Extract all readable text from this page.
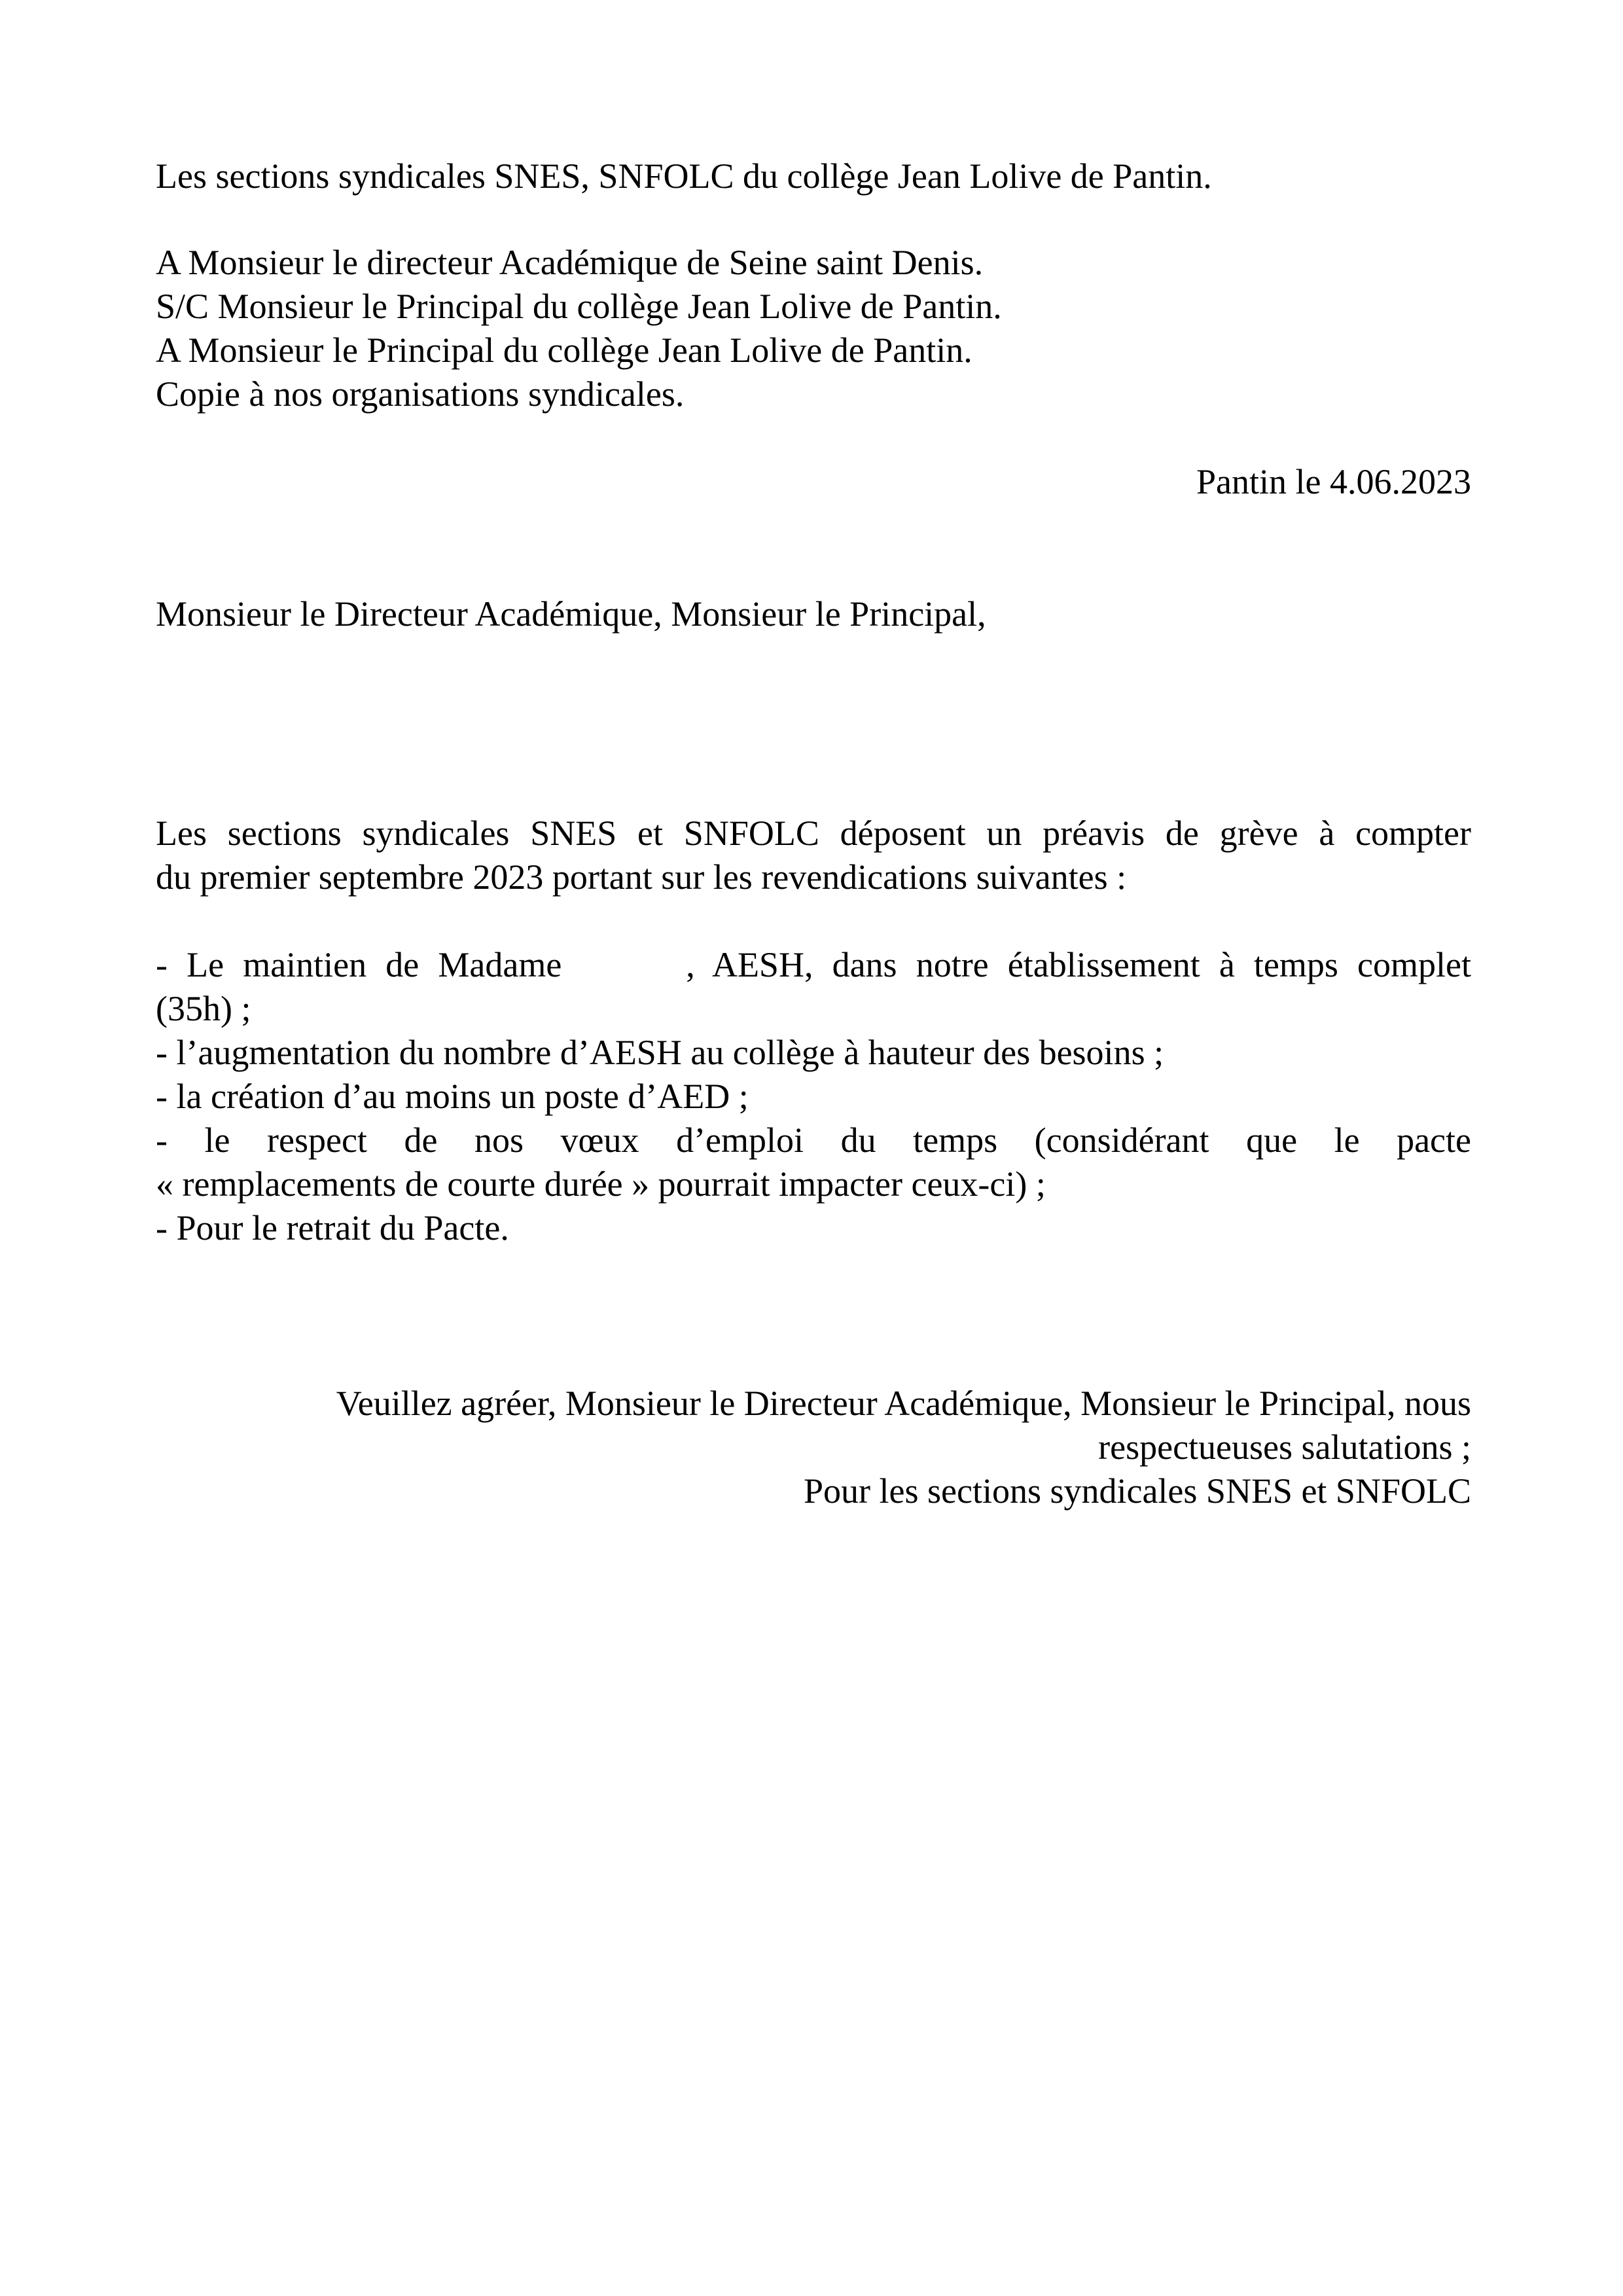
Les sections syndicales SNES, SNFOLC du collège Jean Lolive de Pantin.
A Monsieur le directeur Académique de Seine saint Denis.
S/C Monsieur le Principal du collège Jean Lolive de Pantin.
A Monsieur le Principal du collège Jean Lolive de Pantin.
Copie à nos organisations syndicales.
Pantin le 4.06.2023
Monsieur le Directeur Académique, Monsieur le Principal,
Les sections syndicales SNES et SNFOLC déposent un préavis de grève à compter
du premier septembre 2023 portant sur les revendications suivantes :
- Le maintien de Madame	, AESH, dans notre établissement à temps complet
(35h) ;
- l’augmentation du nombre d’AESH au collège à hauteur des besoins ;
- la création d’au moins un poste d’AED ;
- le respect de nos vœux d’emploi du temps (considérant que le pacte
« remplacements de courte durée » pourrait impacter ceux-ci) ;
- Pour le retrait du Pacte.
Veuillez agréer, Monsieur le Directeur Académique, Monsieur le Principal, nous
respectueuses salutations ;
Pour les sections syndicales SNES et SNFOLC
